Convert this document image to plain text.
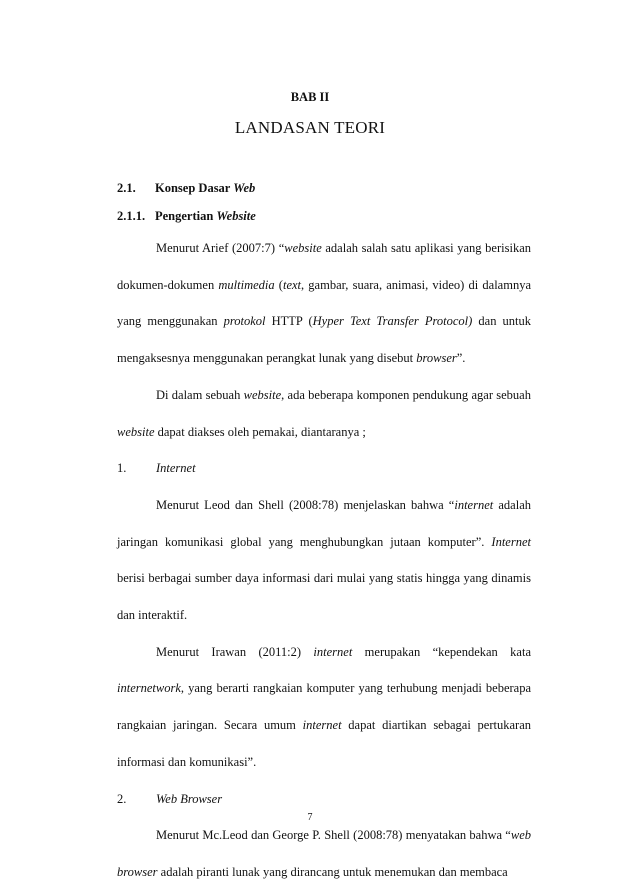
BAB II
LANDASAN TEORI
2.1. Konsep Dasar Web
2.1.1. Pengertian Website

Menurut Arief (2007:7) “website adalah salah satu aplikasi yang berisikan dokumen-dokumen multimedia (text, gambar, suara, animasi, video) di dalamnya yang menggunakan protokol HTTP (Hyper Text Transfer Protocol) dan untuk mengaksesnya menggunakan perangkat lunak yang disebut browser”.

Di dalam sebuah website, ada beberapa komponen pendukung agar sebuah website dapat diakses oleh pemakai, diantaranya ;

1. Internet

Menurut Leod dan Shell (2008:78) menjelaskan bahwa “internet adalah jaringan komunikasi global yang menghubungkan jutaan komputer”. Internet berisi berbagai sumber daya informasi dari mulai yang statis hingga yang dinamis dan interaktif.

Menurut Irawan (2011:2) internet merupakan “kependekan kata internetwork, yang berarti rangkaian komputer yang terhubung menjadi beberapa rangkaian jaringan. Secara umum internet dapat diartikan sebagai pertukaran informasi dan komunikasi”.

2. Web Browser

Menurut Mc.Leod dan George P. Shell (2008:78) menyatakan bahwa “web browser adalah piranti lunak yang dirancang untuk menemukan dan membaca

7
